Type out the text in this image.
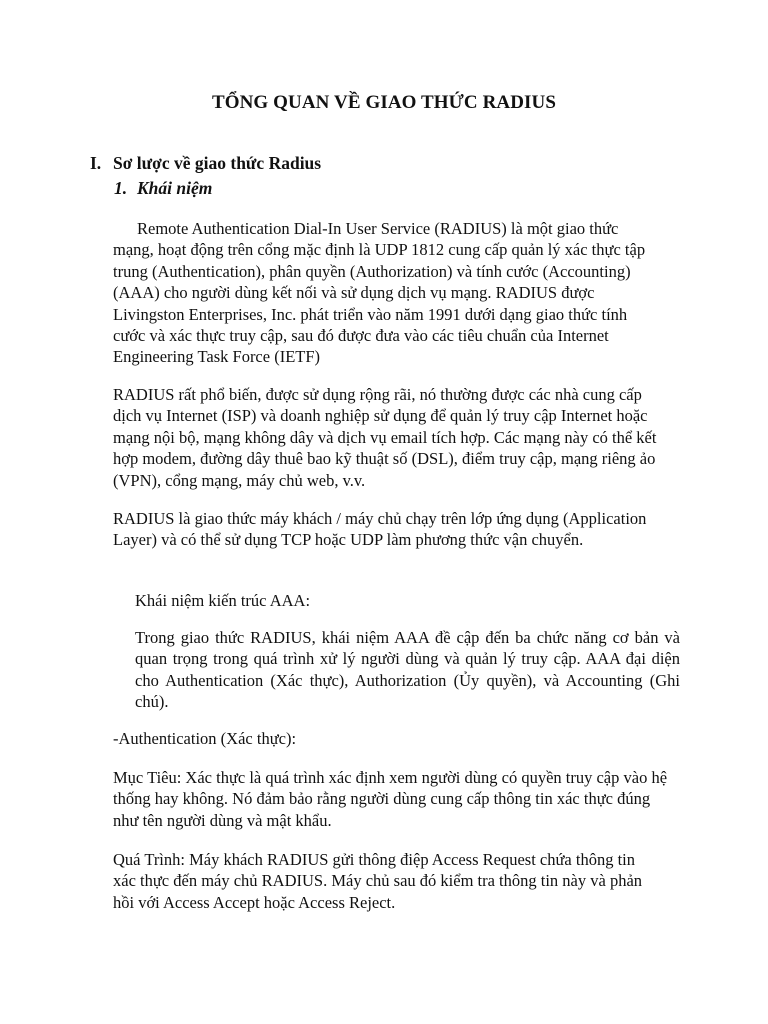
TỔNG QUAN VỀ GIAO THỨC RADIUS
I. Sơ lược về giao thức Radius
1. Khái niệm

Remote Authentication Dial-In User Service (RADIUS) là một giao thức mạng, hoạt động trên cổng mặc định là UDP 1812 cung cấp quản lý xác thực tập trung (Authentication), phân quyền (Authorization) và tính cước (Accounting) (AAA) cho người dùng kết nối và sử dụng dịch vụ mạng. RADIUS được Livingston Enterprises, Inc. phát triển vào năm 1991 dưới dạng giao thức tính cước và xác thực truy cập, sau đó được đưa vào các tiêu chuẩn của Internet Engineering Task Force (IETF)

RADIUS rất phổ biến, được sử dụng rộng rãi, nó thường được các nhà cung cấp dịch vụ Internet (ISP) và doanh nghiệp sử dụng để quản lý truy cập Internet hoặc mạng nội bộ, mạng không dây và dịch vụ email tích hợp. Các mạng này có thể kết hợp modem, đường dây thuê bao kỹ thuật số (DSL), điểm truy cập, mạng riêng ảo (VPN), cổng mạng, máy chủ web, v.v.

RADIUS là giao thức máy khách / máy chủ chạy trên lớp ứng dụng (Application Layer) và có thể sử dụng TCP hoặc UDP làm phương thức vận chuyển.

Khái niệm kiến trúc AAA:

Trong giao thức RADIUS, khái niệm AAA đề cập đến ba chức năng cơ bản và quan trọng trong quá trình xử lý người dùng và quản lý truy cập. AAA đại diện cho Authentication (Xác thực), Authorization (Ủy quyền), và Accounting (Ghi chú).

-Authentication (Xác thực):

Mục Tiêu: Xác thực là quá trình xác định xem người dùng có quyền truy cập vào hệ thống hay không. Nó đảm bảo rằng người dùng cung cấp thông tin xác thực đúng như tên người dùng và mật khẩu.

Quá Trình: Máy khách RADIUS gửi thông điệp Access Request chứa thông tin xác thực đến máy chủ RADIUS. Máy chủ sau đó kiểm tra thông tin này và phản hồi với Access Accept hoặc Access Reject.
